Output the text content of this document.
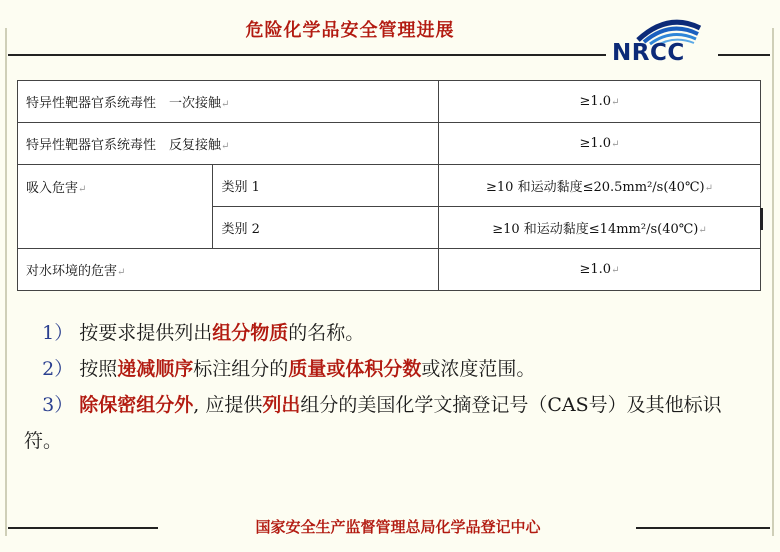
危险化学品安全管理进展
NRCC
特异性靶器官系统毒性　一次接触↵		≥1.0↵
特异性靶器官系统毒性　反复接触↵		≥1.0↵
吸入危害↵	类别 1	≥10 和运动黏度≤20.5mm²/s(40℃)↵
	类别 2	≥10 和运动黏度≤14mm²/s(40℃)↵
对水环境的危害↵		≥1.0↵

1） 按要求提供列出组分物质的名称。

2） 按照递减顺序标注组分的质量或体积分数或浓度范围。

3） 除保密组分外, 应提供列出组分的美国化学文摘登记号（CAS号）及其他标识符。

国家安全生产监督管理总局化学品登记中心
